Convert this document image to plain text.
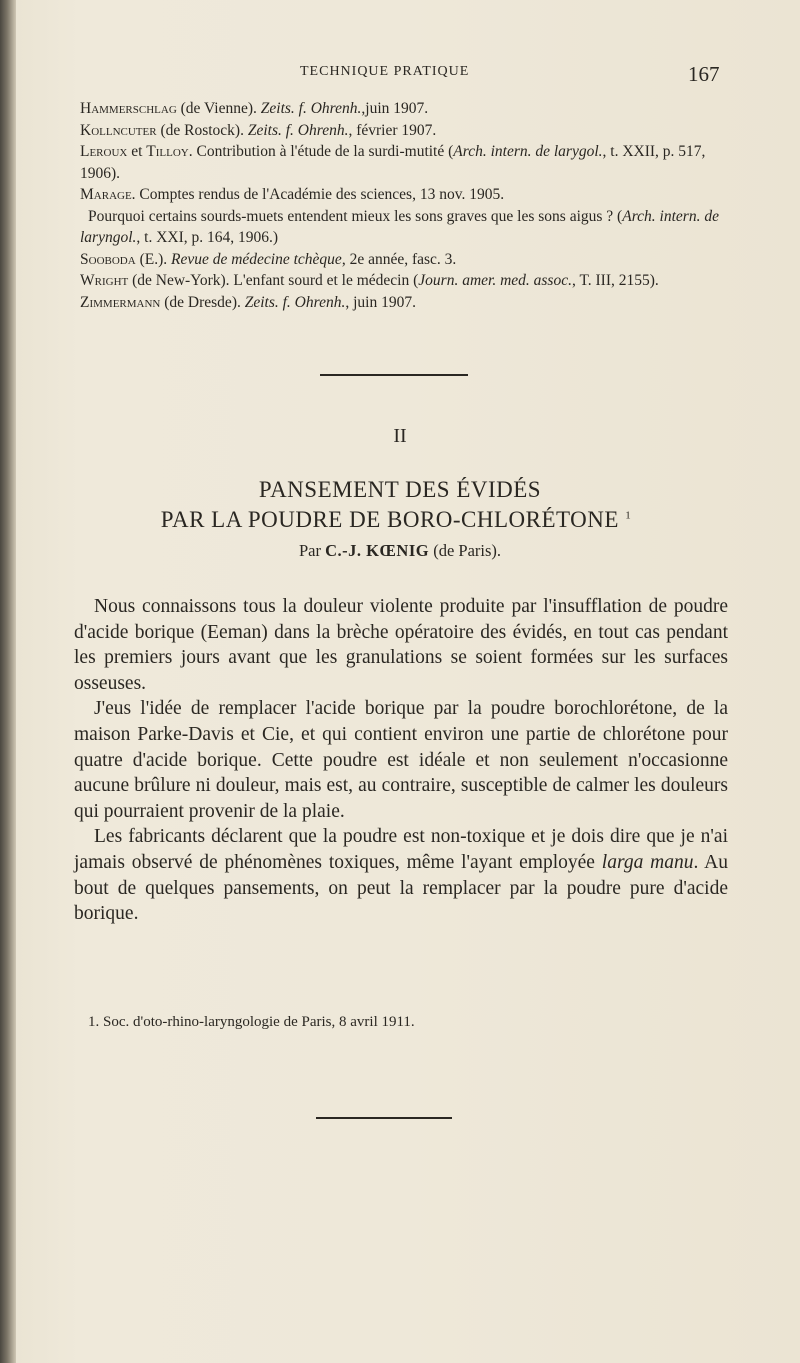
TECHNIQUE PRATIQUE	167

Hammerschlag (de Vienne). Zeits. f. Ohrenh.,juin 1907.

Kollncuter (de Rostock). Zeits. f. Ohrenh., février 1907.

Leroux et Tilloy. Contribution à l'étude de la surdi-mutité (Arch. intern. de larygol., t. XXII, p. 517, 1906).

Marage. Comptes rendus de l'Académie des sciences, 13 nov. 1905.
Pourquoi certains sourds-muets entendent mieux les sons graves que les sons aigus ? (Arch. intern. de laryngol., t. XXI, p. 164, 1906.)

Sooboda (E.). Revue de médecine tchèque, 2e année, fasc. 3.

Wright (de New-York). L'enfant sourd et le médecin (Journ. amer. med. assoc., T. III, 2155).

Zimmermann (de Dresde). Zeits. f. Ohrenh., juin 1907.

II
PANSEMENT DES ÉVIDÉS
PAR LA POUDRE DE BORO-CHLORÉTONE $^1$
Par C.-J. KŒNIG (de Paris).

Nous connaissons tous la douleur violente produite par l'insufflation de poudre d'acide borique (Eeman) dans la brèche opératoire des évidés, en tout cas pendant les premiers jours avant que les granulations se soient formées sur les surfaces osseuses.

J'eus l'idée de remplacer l'acide borique par la poudre borochlorétone, de la maison Parke-Davis et Cie, et qui contient environ une partie de chlorétone pour quatre d'acide borique. Cette poudre est idéale et non seulement n'occasionne aucune brûlure ni douleur, mais est, au contraire, susceptible de calmer les douleurs qui pourraient provenir de la plaie.

Les fabricants déclarent que la poudre est non-toxique et je dois dire que je n'ai jamais observé de phénomènes toxiques, même l'ayant employée larga manu. Au bout de quelques pansements, on peut la remplacer par la poudre pure d'acide borique.

1. Soc. d'oto-rhino-laryngologie de Paris, 8 avril 1911.
